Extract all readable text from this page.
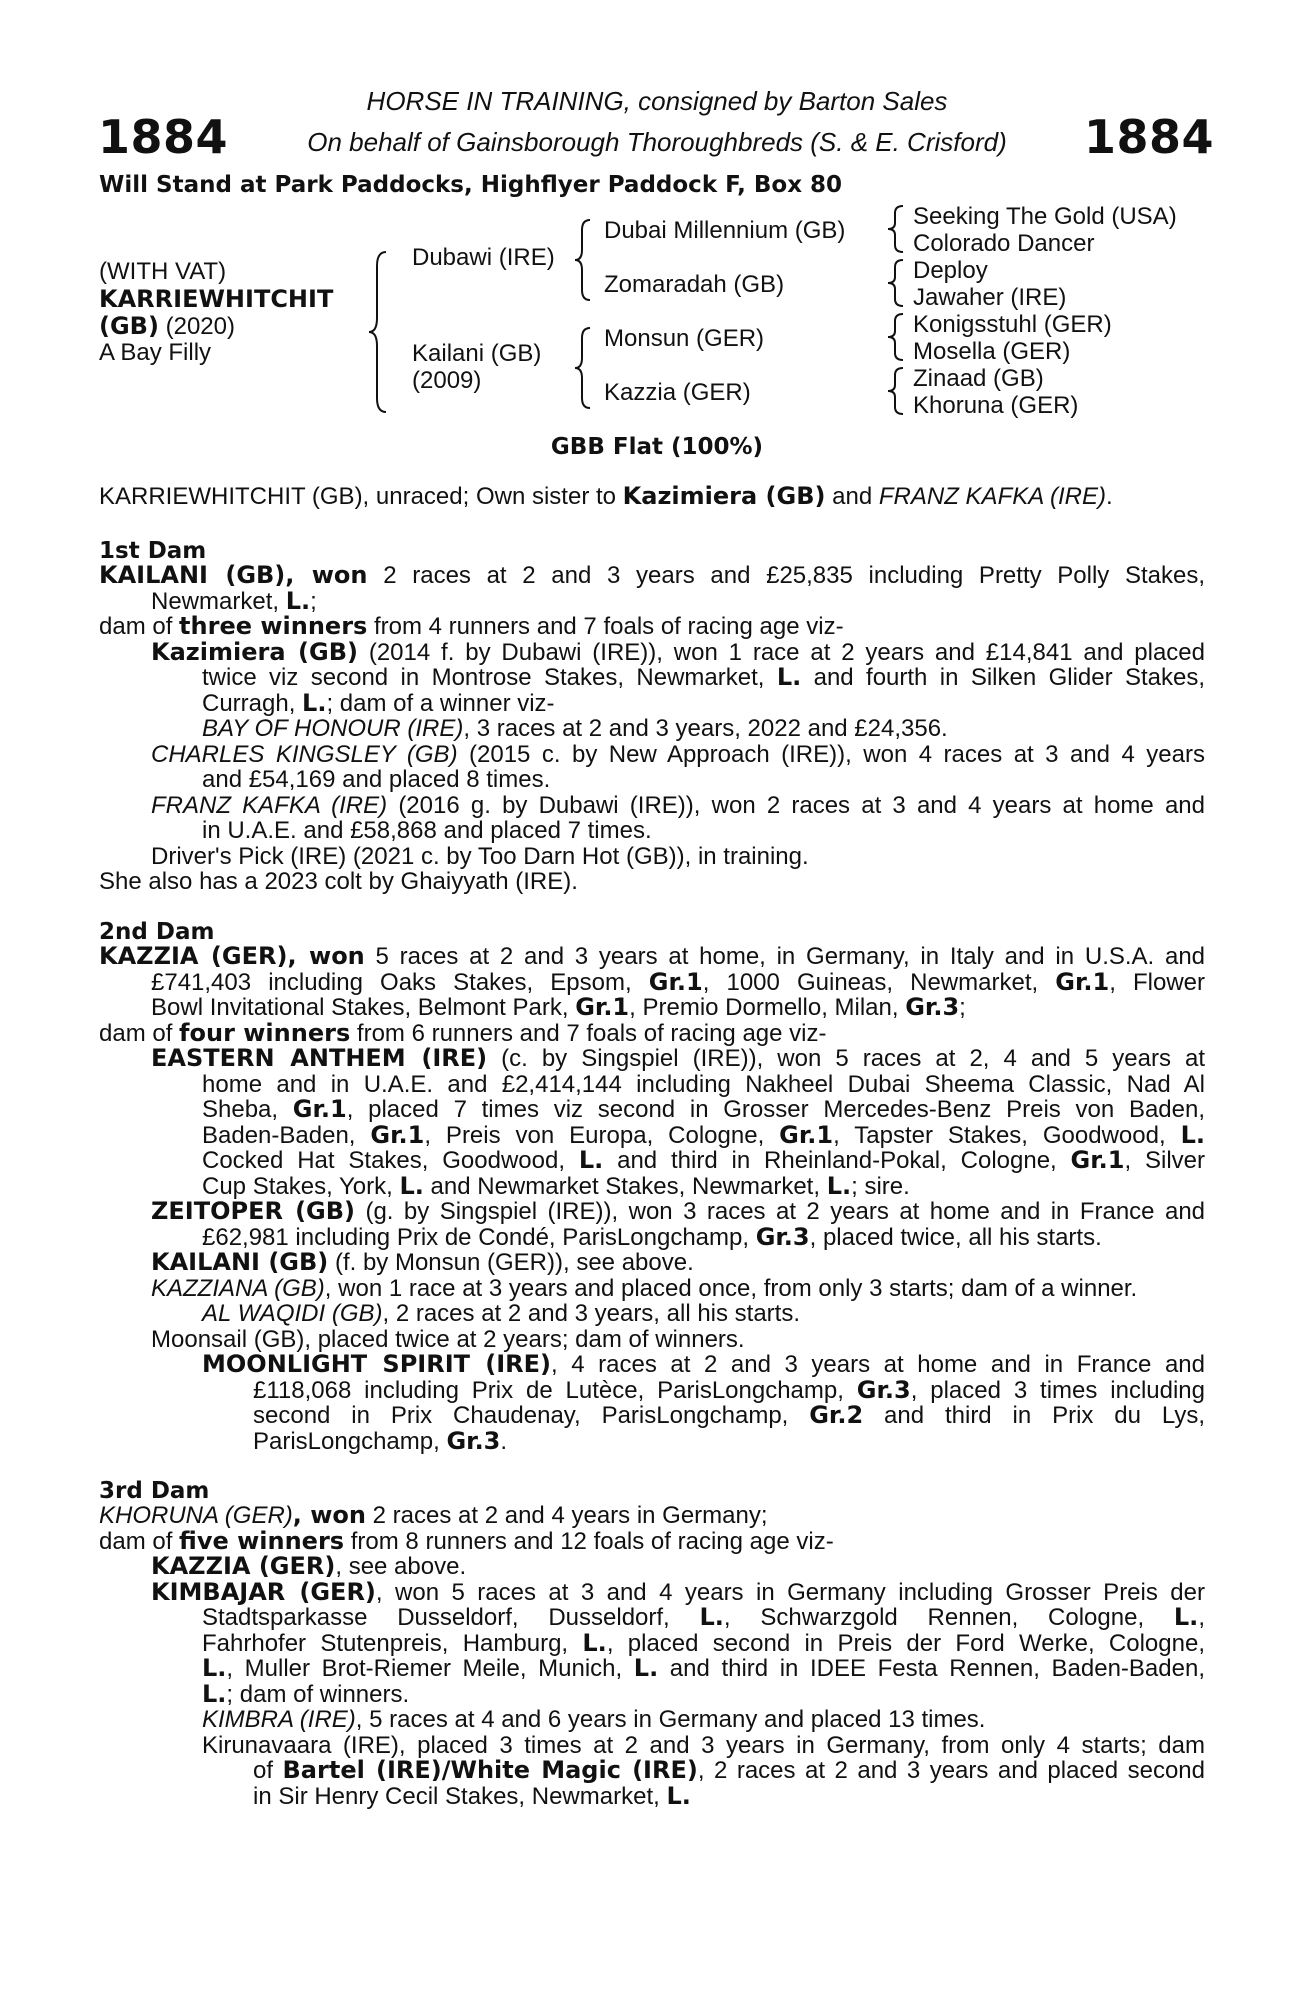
1884	1884
HORSE IN TRAINING, consigned by Barton Sales
On behalf of Gainsborough Thoroughbreds (S. & E. Crisford)
Will Stand at Park Paddocks, Highflyer Paddock F, Box 80
(WITH VAT)
KARRIEWHITCHIT
(GB) (2020)
A Bay Filly
Dubawi (IRE)
Kailani (GB)
(2009)
Dubai Millennium (GB)
Zomaradah (GB)
Monsun (GER)
Kazzia (GER)
Seeking The Gold (USA)
Colorado Dancer
Deploy
Jawaher (IRE)
Konigsstuhl (GER)
Mosella (GER)
Zinaad (GB)
Khoruna (GER)
GBB Flat (100%)
KARRIEWHITCHIT (GB), unraced; Own sister to Kazimiera (GB) and FRANZ KAFKA (IRE).
1st Dam
KAILANI (GB), won 2 races at 2 and 3 years and £25,835 including Pretty Polly Stakes,
Newmarket, L.;
dam of three winners from 4 runners and 7 foals of racing age viz-
Kazimiera (GB) (2014 f. by Dubawi (IRE)), won 1 race at 2 years and £14,841 and placed
twice viz second in Montrose Stakes, Newmarket, L. and fourth in Silken Glider Stakes,
Curragh, L.; dam of a winner viz-
BAY OF HONOUR (IRE), 3 races at 2 and 3 years, 2022 and £24,356.
CHARLES KINGSLEY (GB) (2015 c. by New Approach (IRE)), won 4 races at 3 and 4 years
and £54,169 and placed 8 times.
FRANZ KAFKA (IRE) (2016 g. by Dubawi (IRE)), won 2 races at 3 and 4 years at home and
in U.A.E. and £58,868 and placed 7 times.
Driver's Pick (IRE) (2021 c. by Too Darn Hot (GB)), in training.
She also has a 2023 colt by Ghaiyyath (IRE).
2nd Dam
KAZZIA (GER), won 5 races at 2 and 3 years at home, in Germany, in Italy and in U.S.A. and
£741,403 including Oaks Stakes, Epsom, Gr.1, 1000 Guineas, Newmarket, Gr.1, Flower
Bowl Invitational Stakes, Belmont Park, Gr.1, Premio Dormello, Milan, Gr.3;
dam of four winners from 6 runners and 7 foals of racing age viz-
EASTERN ANTHEM (IRE) (c. by Singspiel (IRE)), won 5 races at 2, 4 and 5 years at
home and in U.A.E. and £2,414,144 including Nakheel Dubai Sheema Classic, Nad Al
Sheba, Gr.1, placed 7 times viz second in Grosser Mercedes-Benz Preis von Baden,
Baden-Baden, Gr.1, Preis von Europa, Cologne, Gr.1, Tapster Stakes, Goodwood, L.
Cocked Hat Stakes, Goodwood, L. and third in Rheinland-Pokal, Cologne, Gr.1, Silver
Cup Stakes, York, L. and Newmarket Stakes, Newmarket, L.; sire.
ZEITOPER (GB) (g. by Singspiel (IRE)), won 3 races at 2 years at home and in France and
£62,981 including Prix de Condé, ParisLongchamp, Gr.3, placed twice, all his starts.
KAILANI (GB) (f. by Monsun (GER)), see above.
KAZZIANA (GB), won 1 race at 3 years and placed once, from only 3 starts; dam of a winner.
AL WAQIDI (GB), 2 races at 2 and 3 years, all his starts.
Moonsail (GB), placed twice at 2 years; dam of winners.
MOONLIGHT SPIRIT (IRE), 4 races at 2 and 3 years at home and in France and
£118,068 including Prix de Lutèce, ParisLongchamp, Gr.3, placed 3 times including
second in Prix Chaudenay, ParisLongchamp, Gr.2 and third in Prix du Lys,
ParisLongchamp, Gr.3.
3rd Dam
KHORUNA (GER), won 2 races at 2 and 4 years in Germany;
dam of five winners from 8 runners and 12 foals of racing age viz-
KAZZIA (GER), see above.
KIMBAJAR (GER), won 5 races at 3 and 4 years in Germany including Grosser Preis der
Stadtsparkasse Dusseldorf, Dusseldorf, L., Schwarzgold Rennen, Cologne, L.,
Fahrhofer Stutenpreis, Hamburg, L., placed second in Preis der Ford Werke, Cologne,
L., Muller Brot-Riemer Meile, Munich, L. and third in IDEE Festa Rennen, Baden-Baden,
L.; dam of winners.
KIMBRA (IRE), 5 races at 4 and 6 years in Germany and placed 13 times.
Kirunavaara (IRE), placed 3 times at 2 and 3 years in Germany, from only 4 starts; dam
of Bartel (IRE)/White Magic (IRE), 2 races at 2 and 3 years and placed second
in Sir Henry Cecil Stakes, Newmarket, L.
